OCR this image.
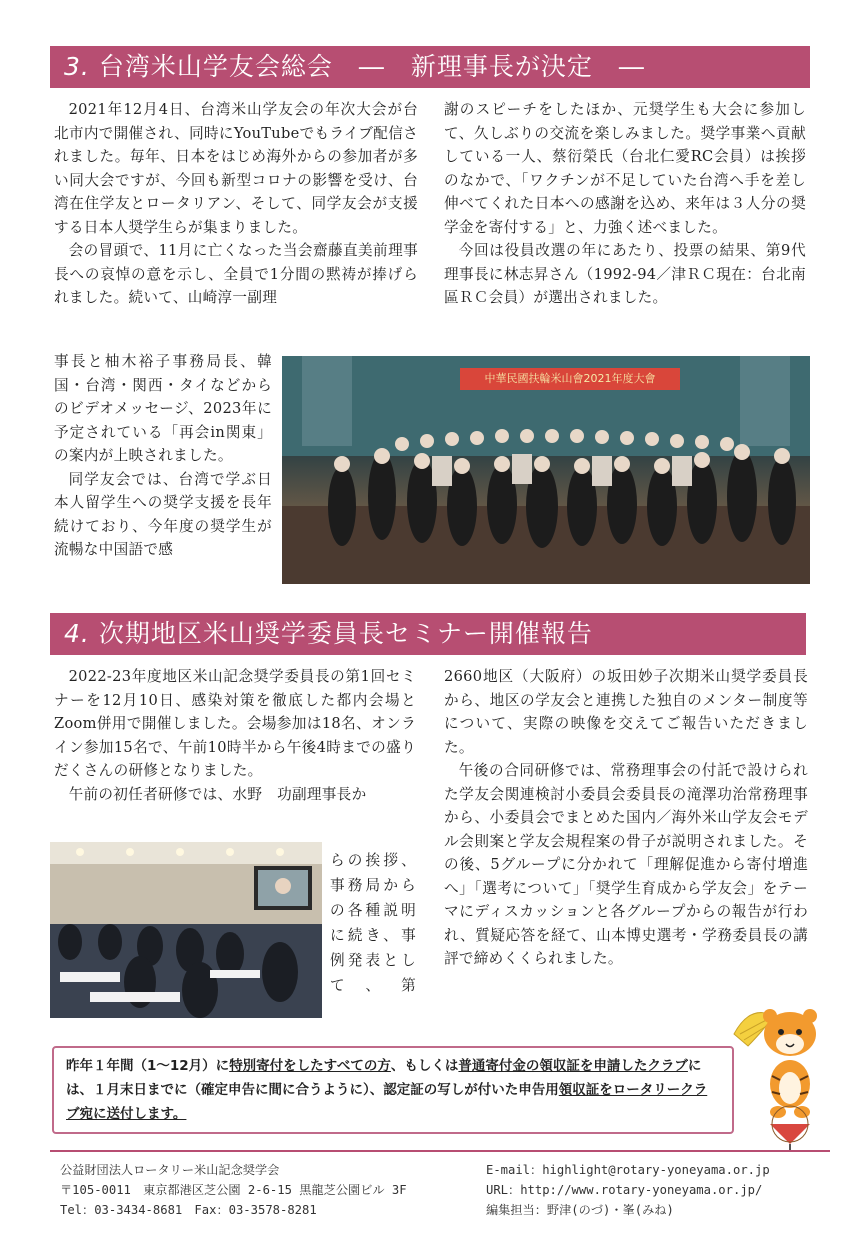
3. 台湾米山学友会総会　―　新理事長が決定　―

2021年12月4日、台湾米山学友会の年次大会が台北市内で開催され、同時にYouTubeでもライブ配信されました。毎年、日本をはじめ海外からの参加者が多い同大会ですが、今回も新型コロナの影響を受け、台湾在住学友とロータリアン、そして、同学友会が支援する日本人奨学生らが集まりました。

会の冒頭で、11月に亡くなった当会齋藤直美前理事長への哀悼の意を示し、全員で1分間の黙祷が捧げられました。続いて、山崎淳一副理

事長と柚木裕子事務局長、韓国・台湾・関西・タイなどからのビデオメッセージ、2023年に予定されている「再会in関東」の案内が上映されました。

同学友会では、台湾で学ぶ日本人留学生への奨学支援を長年続けており、今年度の奨学生が流暢な中国語で感

謝のスピーチをしたほか、元奨学生も大会に参加して、久しぶりの交流を楽しみました。奨学事業へ貢献している一人、蔡衍榮氏（台北仁愛RC会員）は挨拶のなかで、「ワクチンが不足していた台湾へ手を差し伸べてくれた日本への感謝を込め、来年は３人分の奨学金を寄付する」と、力強く述べました。

今回は役員改選の年にあたり、投票の結果、第9代理事長に林志昇さん（1992-94／津ＲＣ現在：台北南區ＲＣ会員）が選出されました。

中華民國扶輪米山會2021年度大會
4. 次期地区米山奨学委員長セミナー開催報告

2022-23年度地区米山記念奨学委員長の第1回セミナーを12月10日、感染対策を徹底した都内会場とZoom併用で開催しました。会場参加は18名、オンライン参加15名で、午前10時半から午後4時までの盛りだくさんの研修となりました。

午前の初任者研修では、水野　功副理事長か

らの挨拶、事務局からの各種説明に続き、事例発表として、第

2660地区（大阪府）の坂田妙子次期米山奨学委員長から、地区の学友会と連携した独自のメンター制度等について、実際の映像を交えてご報告いただきました。

午後の合同研修では、常務理事会の付託で設けられた学友会関連検討小委員会委員長の滝澤功治常務理事から、小委員会でまとめた国内／海外米山学友会モデル会則案と学友会規程案の骨子が説明されました。その後、5グループに分かれて「理解促進から寄付増進へ」「選考について」「奨学生育成から学友会」をテーマにディスカッションと各グループからの報告が行われ、質疑応答を経て、山本博史選考・学務委員長の講評で締めくくられました。

昨年１年間（1～12月）に特別寄付をしたすべての方、もしくは普通寄付金の領収証を申請したクラブには、１月末日までに（確定申告に間に合うように）、認定証の写しが付いた申告用領収証をロータリークラブ宛に送付します。
公益財団法人ロータリー米山記念奨学会
〒105-0011　東京都港区芝公園 2-6-15 黒龍芝公園ビル 3F
Tel：03-3434-8681　Fax：03-3578-8281
E-mail：highlight@rotary-yoneyama.or.jp
URL：http://www.rotary-yoneyama.or.jp/
編集担当：野津(のづ)・峯(みね)
